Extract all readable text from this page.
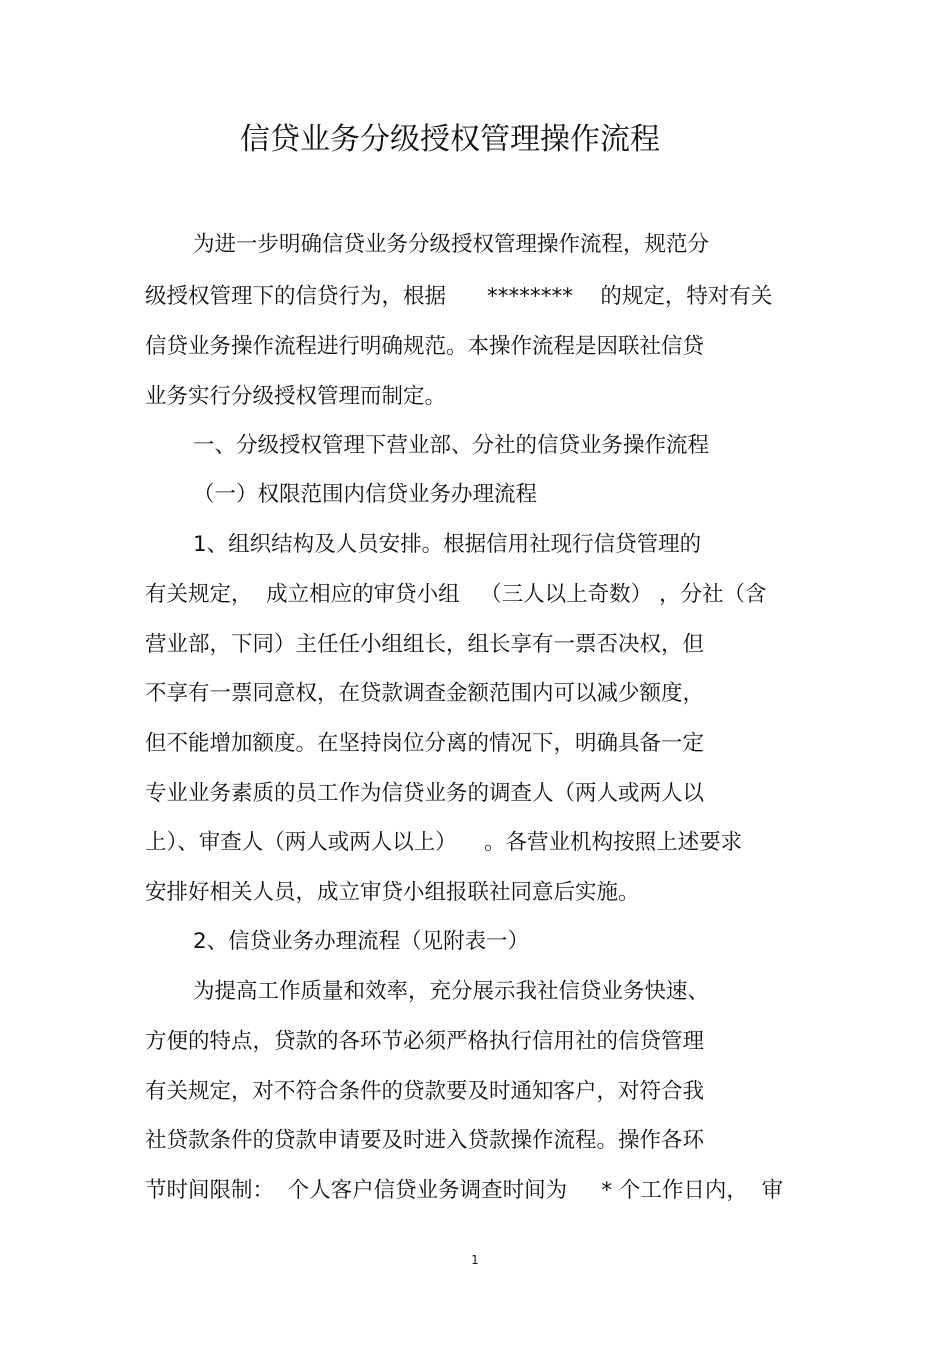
信贷业务分级授权管理操作流程
为进一步明确信贷业务分级授权管理操作流程，规范分
级授权管理下的信贷行为，根据      ********    的规定，特对有关
信贷业务操作流程进行明确规范。本操作流程是因联社信贷
业务实行分级授权管理而制定。
一、分级授权管理下营业部、分社的信贷业务操作流程
（一）权限范围内信贷业务办理流程
1、组织结构及人员安排。根据信用社现行信贷管理的
有关规定，  成立相应的审贷小组   （三人以上奇数） ，分社（含
营业部，下同）主任任小组组长，组长享有一票否决权，但
不享有一票同意权，在贷款调查金额范围内可以减少额度，
但不能增加额度。在坚持岗位分离的情况下，明确具备一定
专业业务素质的员工作为信贷业务的调查人（两人或两人以
上）、审查人（两人或两人以上）    。各营业机构按照上述要求
安排好相关人员，成立审贷小组报联社同意后实施。
2、信贷业务办理流程（见附表一）
为提高工作质量和效率，充分展示我社信贷业务快速、
方便的特点，贷款的各环节必须严格执行信用社的信贷管理
有关规定，对不符合条件的贷款要及时通知客户，对符合我
社贷款条件的贷款申请要及时进入贷款操作流程。操作各环
节时间限制：  个人客户信贷业务调查时间为     * 个工作日内，  审
1
